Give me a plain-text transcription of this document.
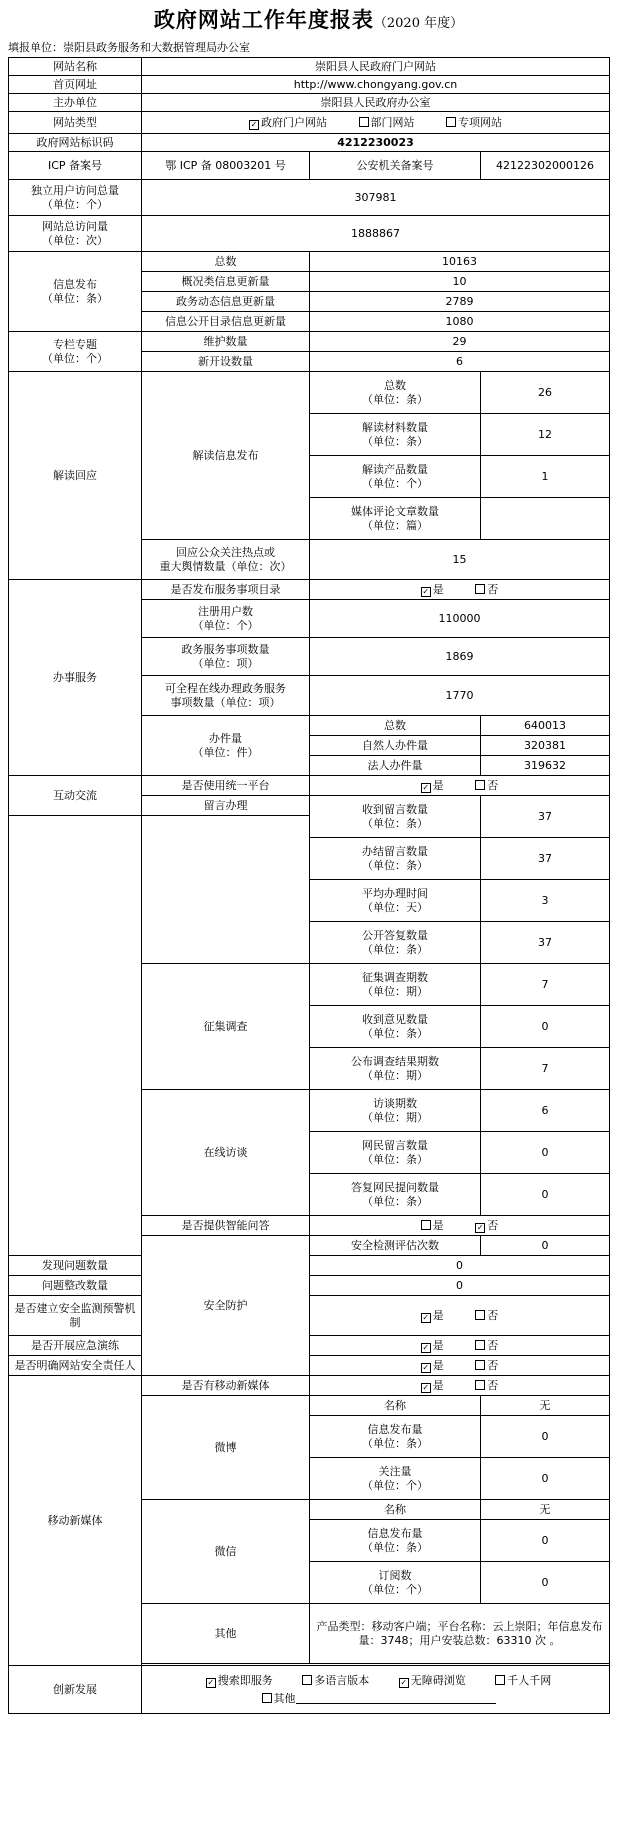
政府网站工作年度报表（2020 年度）
填报单位：崇阳县政务服务和大数据管理局办公室
网站名称	崇阳县人民政府门户网站		
首页网址	http://www.chongyang.gov.cn		
主办单位	崇阳县人民政府办公室		
网站类型	✓ 政府门户网站 部门网站 专项网站		
政府网站标识码	4212230023		
ICP 备案号	鄂 ICP 备 08003201 号	公安机关备案号	42122302000126
独立用户访问总量
（单位：个）	307981		
网站总访问量
（单位：次）	1888867		
信息发布
（单位：条）	总数	10163	
	概况类信息更新量	10	
	政务动态信息更新量	2789	
	信息公开目录信息更新量	1080	
专栏专题
（单位：个）	维护数量	29	
	新开设数量	6	
解读回应	解读信息发布	总数
（单位：条）	26
		解读材料数量
（单位：条）	12
		解读产品数量
（单位：个）	1
		媒体评论文章数量
（单位：篇）	
	回应公众关注热点或
重大舆情数量（单位：次）	15	
办事服务	是否发布服务事项目录	✓ 是 否	
	注册用户数
（单位：个）	110000	
	政务服务事项数量
（单位：项）	1869	
	可全程在线办理政务服务
事项数量（单位：项）	1770	
	办件量
（单位：件）	总数	640013
		自然人办件量	320381
		法人办件量	319632
互动交流	是否使用统一平台	✓ 是 否	
	留言办理	收到留言数量
（单位：条）	37

		办结留言数量
（单位：条）	37
		平均办理时间
（单位：天）	3
		公开答复数量
（单位：条）	37
	征集调查	征集调查期数
（单位：期）	7
		收到意见数量
（单位：条）	0
		公布调查结果期数
（单位：期）	7
	在线访谈	访谈期数
（单位：期）	6
		网民留言数量
（单位：条）	0
		答复网民提问数量
（单位：条）	0
	是否提供智能问答	是 ✓ 否	
	安全防护	安全检测评估次数	0
发现问题数量		0	
问题整改数量		0	
是否建立安全监测预警机
制		✓ 是 否	
是否开展应急演练		✓ 是 否	
是否明确网站安全责任人		✓ 是 否	
移动新媒体	是否有移动新媒体	✓ 是 否	
	微博	名称	无
		信息发布量
（单位：条）	0
		关注量
（单位：个）	0
	微信	名称	无
		信息发布量
（单位：条）	0
		订阅数
（单位：个）	0
	其他	产品类型：移动客户端；平台名称：云上崇阳；年信息发布量：3748；用户安装总数：63310 次 。	

创新发展	✓ 搜索即服务 多语言版本 ✓ 无障碍浏览 千人千网
其他		
